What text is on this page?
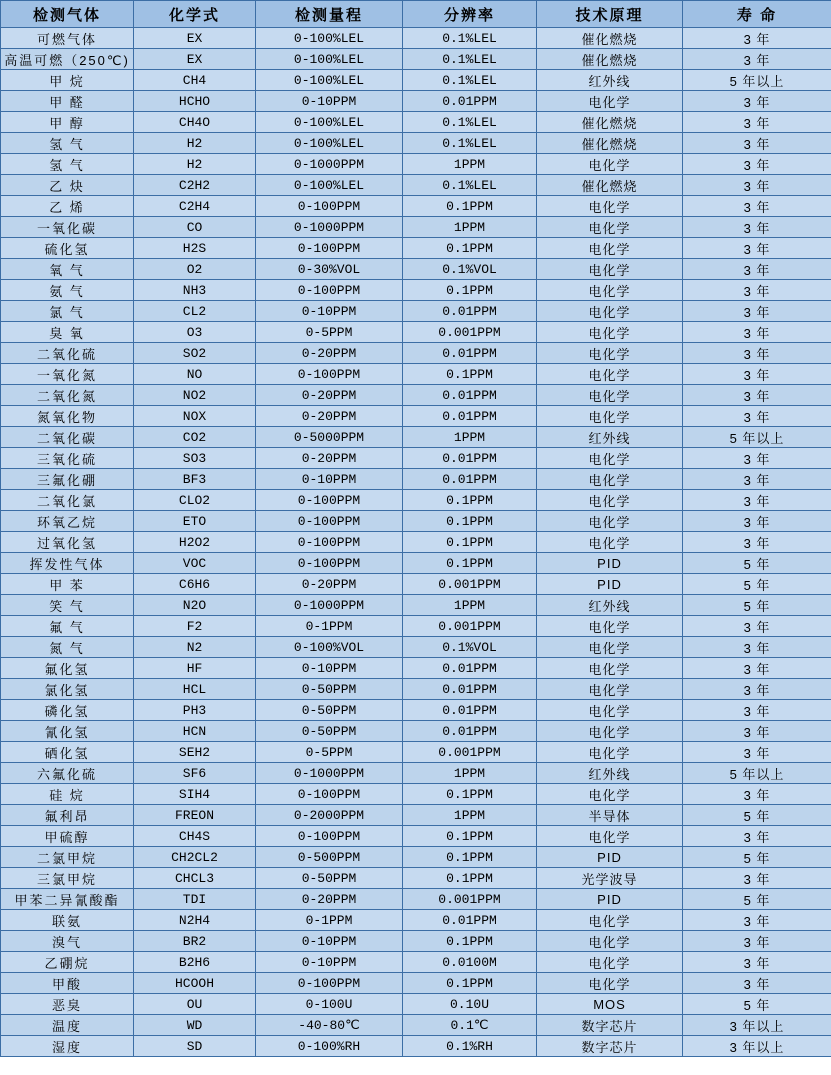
检测气体	化学式	检测量程	分辨率	技术原理	寿 命
可燃气体	EX	0-100%LEL	0.1%LEL	催化燃烧	3 年
高温可燃（250℃)	EX	0-100%LEL	0.1%LEL	催化燃烧	3 年
甲 烷	CH4	0-100%LEL	0.1%LEL	红外线	5 年以上
甲 醛	HCHO	0-10PPM	0.01PPM	电化学	3 年
甲 醇	CH4O	0-100%LEL	0.1%LEL	催化燃烧	3 年
氢 气	H2	0-100%LEL	0.1%LEL	催化燃烧	3 年
氢 气	H2	0-1000PPM	1PPM	电化学	3 年
乙 炔	C2H2	0-100%LEL	0.1%LEL	催化燃烧	3 年
乙 烯	C2H4	0-100PPM	0.1PPM	电化学	3 年
一氧化碳	CO	0-1000PPM	1PPM	电化学	3 年
硫化氢	H2S	0-100PPM	0.1PPM	电化学	3 年
氧 气	O2	0-30%VOL	0.1%VOL	电化学	3 年
氨 气	NH3	0-100PPM	0.1PPM	电化学	3 年
氯 气	CL2	0-10PPM	0.01PPM	电化学	3 年
臭 氧	O3	0-5PPM	0.001PPM	电化学	3 年
二氧化硫	SO2	0-20PPM	0.01PPM	电化学	3 年
一氧化氮	NO	0-100PPM	0.1PPM	电化学	3 年
二氧化氮	NO2	0-20PPM	0.01PPM	电化学	3 年
氮氧化物	NOX	0-20PPM	0.01PPM	电化学	3 年
二氧化碳	CO2	0-5000PPM	1PPM	红外线	5 年以上
三氧化硫	SO3	0-20PPM	0.01PPM	电化学	3 年
三氟化硼	BF3	0-10PPM	0.01PPM	电化学	3 年
二氧化氯	CLO2	0-100PPM	0.1PPM	电化学	3 年
环氧乙烷	ETO	0-100PPM	0.1PPM	电化学	3 年
过氧化氢	H2O2	0-100PPM	0.1PPM	电化学	3 年
挥发性气体	VOC	0-100PPM	0.1PPM	PID	5 年
甲 苯	C6H6	0-20PPM	0.001PPM	PID	5 年
笑 气	N2O	0-1000PPM	1PPM	红外线	5 年
氟 气	F2	0-1PPM	0.001PPM	电化学	3 年
氮 气	N2	0-100%VOL	0.1%VOL	电化学	3 年
氟化氢	HF	0-10PPM	0.01PPM	电化学	3 年
氯化氢	HCL	0-50PPM	0.01PPM	电化学	3 年
磷化氢	PH3	0-50PPM	0.01PPM	电化学	3 年
氰化氢	HCN	0-50PPM	0.01PPM	电化学	3 年
硒化氢	SEH2	0-5PPM	0.001PPM	电化学	3 年
六氟化硫	SF6	0-1000PPM	1PPM	红外线	5 年以上
硅 烷	SIH4	0-100PPM	0.1PPM	电化学	3 年
氟利昂	FREON	0-2000PPM	1PPM	半导体	5 年
甲硫醇	CH4S	0-100PPM	0.1PPM	电化学	3 年
二氯甲烷	CH2CL2	0-500PPM	0.1PPM	PID	5 年
三氯甲烷	CHCL3	0-50PPM	0.1PPM	光学波导	3 年
甲苯二异氰酸酯	TDI	0-20PPM	0.001PPM	PID	5 年
联氨	N2H4	0-1PPM	0.01PPM	电化学	3 年
溴气	BR2	0-10PPM	0.1PPM	电化学	3 年
乙硼烷	B2H6	0-10PPM	0.0100M	电化学	3 年
甲酸	HCOOH	0-100PPM	0.1PPM	电化学	3 年
恶臭	OU	0-100U	0.10U	MOS	5 年
温度	WD	-40-80℃	0.1℃	数字芯片	3 年以上
湿度	SD	0-100%RH	0.1%RH	数字芯片	3 年以上
